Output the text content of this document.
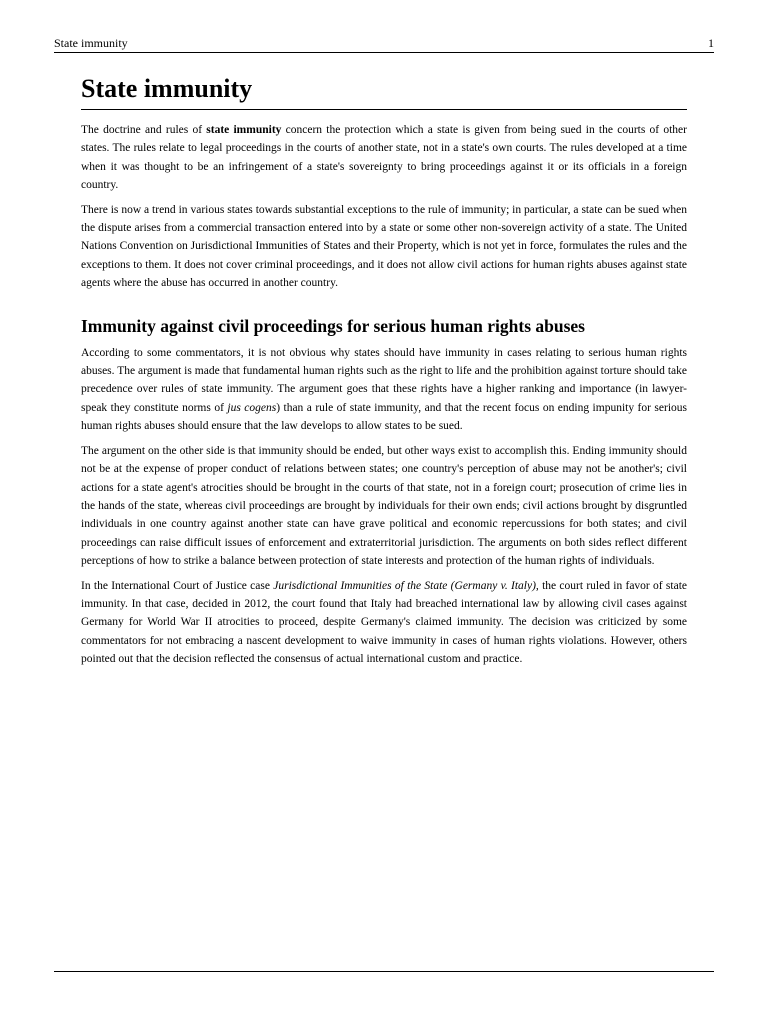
State immunity	1
State immunity

The doctrine and rules of state immunity concern the protection which a state is given from being sued in the courts of other states. The rules relate to legal proceedings in the courts of another state, not in a state's own courts. The rules developed at a time when it was thought to be an infringement of a state's sovereignty to bring proceedings against it or its officials in a foreign country.

There is now a trend in various states towards substantial exceptions to the rule of immunity; in particular, a state can be sued when the dispute arises from a commercial transaction entered into by a state or some other non-sovereign activity of a state. The United Nations Convention on Jurisdictional Immunities of States and their Property, which is not yet in force, formulates the rules and the exceptions to them. It does not cover criminal proceedings, and it does not allow civil actions for human rights abuses against state agents where the abuse has occurred in another country.

Immunity against civil proceedings for serious human rights abuses

According to some commentators, it is not obvious why states should have immunity in cases relating to serious human rights abuses. The argument is made that fundamental human rights such as the right to life and the prohibition against torture should take precedence over rules of state immunity. The argument goes that these rights have a higher ranking and importance (in lawyer-speak they constitute norms of jus cogens) than a rule of state immunity, and that the recent focus on ending impunity for serious human rights abuses should ensure that the law develops to allow states to be sued.

The argument on the other side is that immunity should be ended, but other ways exist to accomplish this. Ending immunity should not be at the expense of proper conduct of relations between states; one country's perception of abuse may not be another's; civil actions for a state agent's atrocities should be brought in the courts of that state, not in a foreign court; prosecution of crime lies in the hands of the state, whereas civil proceedings are brought by individuals for their own ends; civil actions brought by disgruntled individuals in one country against another state can have grave political and economic repercussions for both states; and civil proceedings can raise difficult issues of enforcement and extraterritorial jurisdiction. The arguments on both sides reflect different perceptions of how to strike a balance between protection of state interests and protection of the human rights of individuals.

In the International Court of Justice case Jurisdictional Immunities of the State (Germany v. Italy), the court ruled in favor of state immunity. In that case, decided in 2012, the court found that Italy had breached international law by allowing civil cases against Germany for World War II atrocities to proceed, despite Germany's claimed immunity. The decision was criticized by some commentators for not embracing a nascent development to waive immunity in cases of human rights violations. However, others pointed out that the decision reflected the consensus of actual international custom and practice.
